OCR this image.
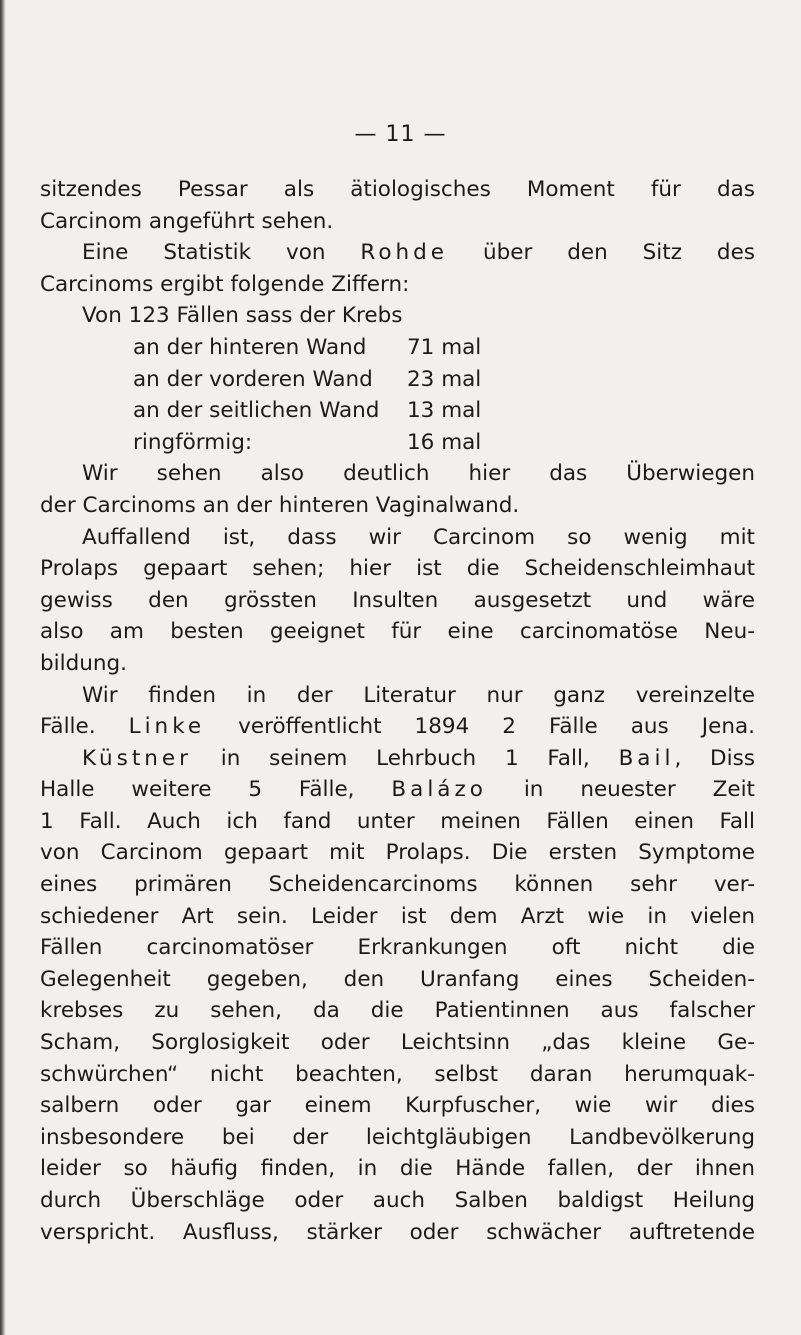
— 11 —
sitzendes Pessar als ätiologisches Moment für das
Carcinom angeführt sehen.
Eine Statistik von Rohde über den Sitz des
Carcinoms ergibt folgende Ziffern:
Von 123 Fällen sass der Krebs
an der hinteren Wand	71 mal
an der vorderen Wand	23 mal
an der seitlichen Wand	13 mal
ringförmig:	16 mal
Wir sehen also deutlich hier das Überwiegen
der Carcinoms an der hinteren Vaginalwand.
Auffallend ist, dass wir Carcinom so wenig mit
Prolaps gepaart sehen; hier ist die Scheidenschleimhaut
gewiss den grössten Insulten ausgesetzt und wäre
also am besten geeignet für eine carcinomatöse Neu-
bildung.
Wir finden in der Literatur nur ganz vereinzelte
Fälle. Linke veröffentlicht 1894 2 Fälle aus Jena.
Küstner in seinem Lehrbuch 1 Fall, Bail, Diss
Halle weitere 5 Fälle, Balázo in neuester Zeit
1 Fall. Auch ich fand unter meinen Fällen einen Fall
von Carcinom gepaart mit Prolaps. Die ersten Symptome
eines primären Scheidencarcinoms können sehr ver-
schiedener Art sein. Leider ist dem Arzt wie in vielen
Fällen carcinomatöser Erkrankungen oft nicht die
Gelegenheit gegeben, den Uranfang eines Scheiden-
krebses zu sehen, da die Patientinnen aus falscher
Scham, Sorglosigkeit oder Leichtsinn „das kleine Ge-
schwürchen“ nicht beachten, selbst daran herumquak-
salbern oder gar einem Kurpfuscher, wie wir dies
insbesondere bei der leichtgläubigen Landbevölkerung
leider so häufig finden, in die Hände fallen, der ihnen
durch Überschläge oder auch Salben baldigst Heilung
verspricht. Ausfluss, stärker oder schwächer auftretende
